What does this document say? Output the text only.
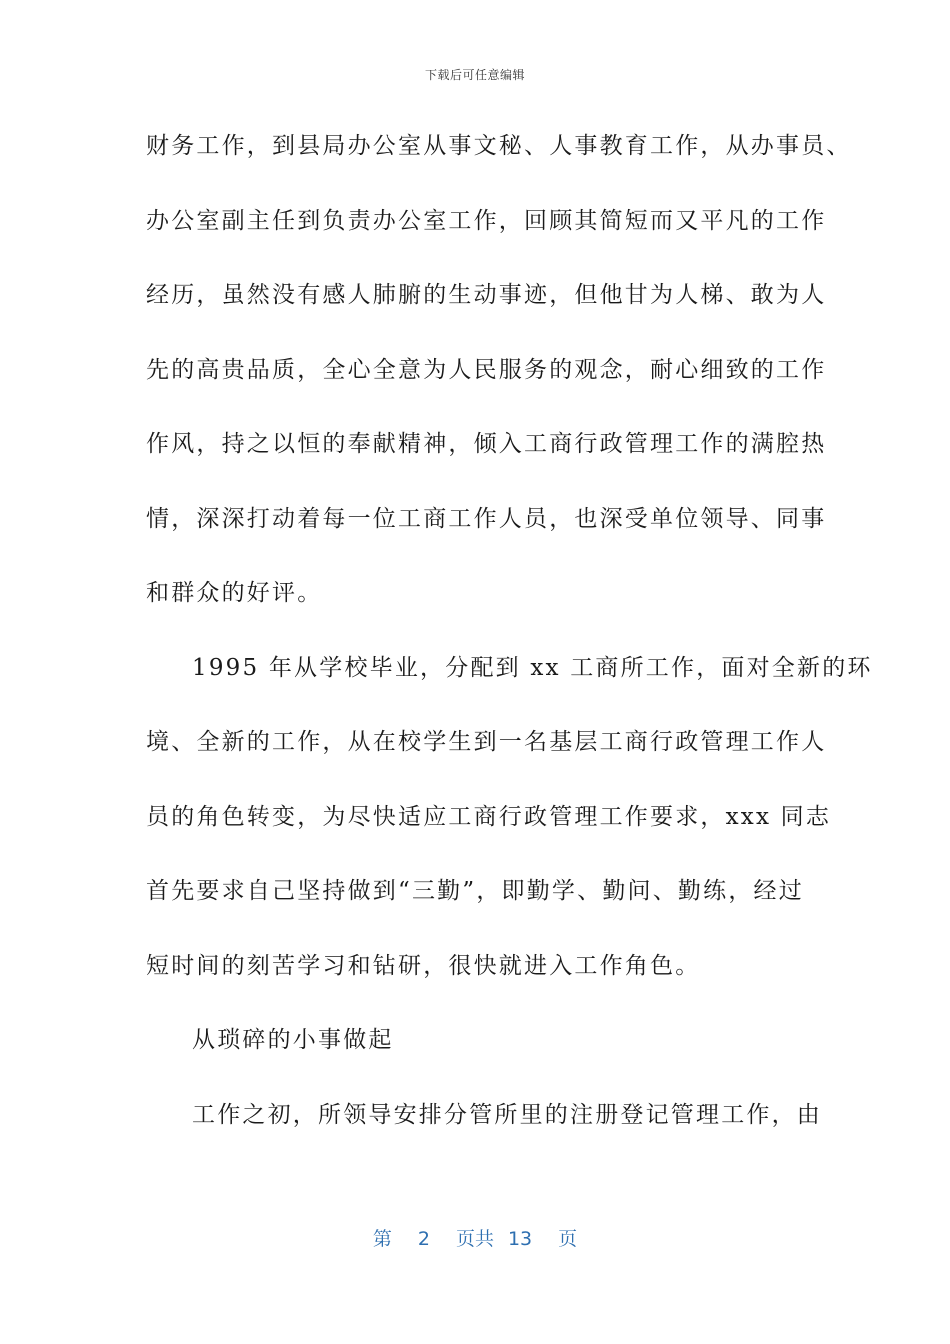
下载后可任意编辑
财务工作，到县局办公室从事文秘、人事教育工作，从办事员、
办公室副主任到负责办公室工作，回顾其简短而又平凡的工作
经历，虽然没有感人肺腑的生动事迹，但他甘为人梯、敢为人
先的高贵品质，全心全意为人民服务的观念，耐心细致的工作
作风，持之以恒的奉献精神，倾入工商行政管理工作的满腔热
情，深深打动着每一位工商工作人员，也深受单位领导、同事
和群众的好评。
1995 年从学校毕业，分配到 xx 工商所工作，面对全新的环
境、全新的工作，从在校学生到一名基层工商行政管理工作人
员的角色转变，为尽快适应工商行政管理工作要求，xxx 同志
首先要求自己坚持做到“三勤”，即勤学、勤问、勤练，经过
短时间的刻苦学习和钻研，很快就进入工作角色。
从琐碎的小事做起
工作之初，所领导安排分管所里的注册登记管理工作，由
第 2 页共 13 页
